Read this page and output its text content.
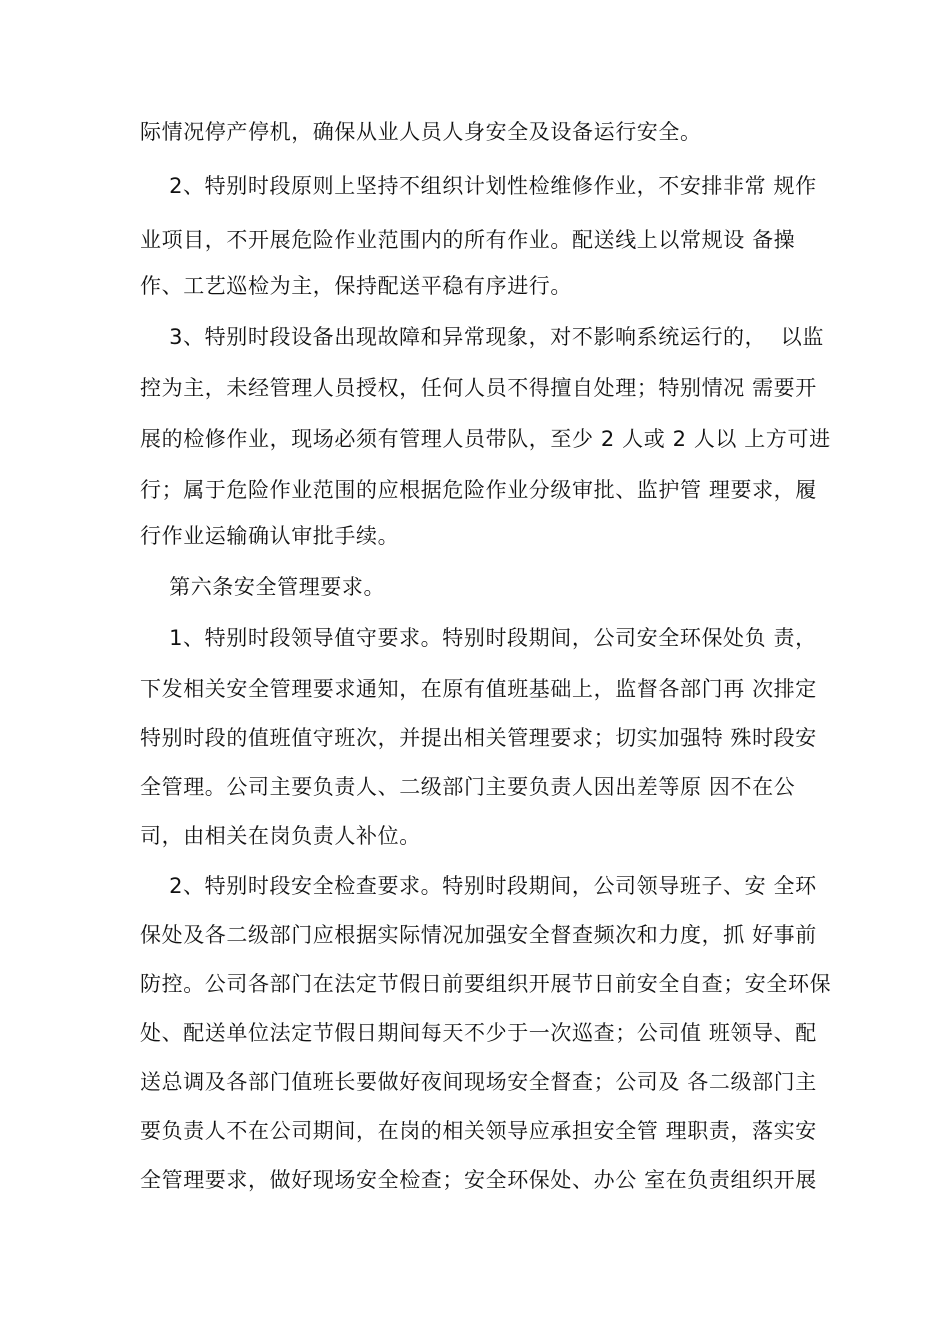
际情况停产停机，确保从业人员人身安全及设备运行安全。
2、特别时段原则上坚持不组织计划性检维修作业，不安排非常 规作
业项目，不开展危险作业范围内的所有作业。配送线上以常规设 备操
作、工艺巡检为主，保持配送平稳有序进行。
3、特别时段设备出现故障和异常现象，对不影响系统运行的，  以监
控为主，未经管理人员授权，任何人员不得擅自处理；特别情况 需要开
展的检修作业，现场必须有管理人员带队，至少 2 人或 2 人以 上方可进
行；属于危险作业范围的应根据危险作业分级审批、监护管 理要求，履
行作业运输确认审批手续。
第六条安全管理要求。
1、特别时段领导值守要求。特别时段期间，公司安全环保处负 责，
下发相关安全管理要求通知，在原有值班基础上，监督各部门再 次排定
特别时段的值班值守班次，并提出相关管理要求；切实加强特 殊时段安
全管理。公司主要负责人、二级部门主要负责人因出差等原 因不在公
司，由相关在岗负责人补位。
2、特别时段安全检查要求。特别时段期间，公司领导班子、安 全环
保处及各二级部门应根据实际情况加强安全督查频次和力度，抓 好事前
防控。公司各部门在法定节假日前要组织开展节日前安全自查；安全环保
处、配送单位法定节假日期间每天不少于一次巡查；公司值 班领导、配
送总调及各部门值班长要做好夜间现场安全督查；公司及 各二级部门主
要负责人不在公司期间，在岗的相关领导应承担安全管 理职责，落实安
全管理要求，做好现场安全检查；安全环保处、办公 室在负责组织开展
